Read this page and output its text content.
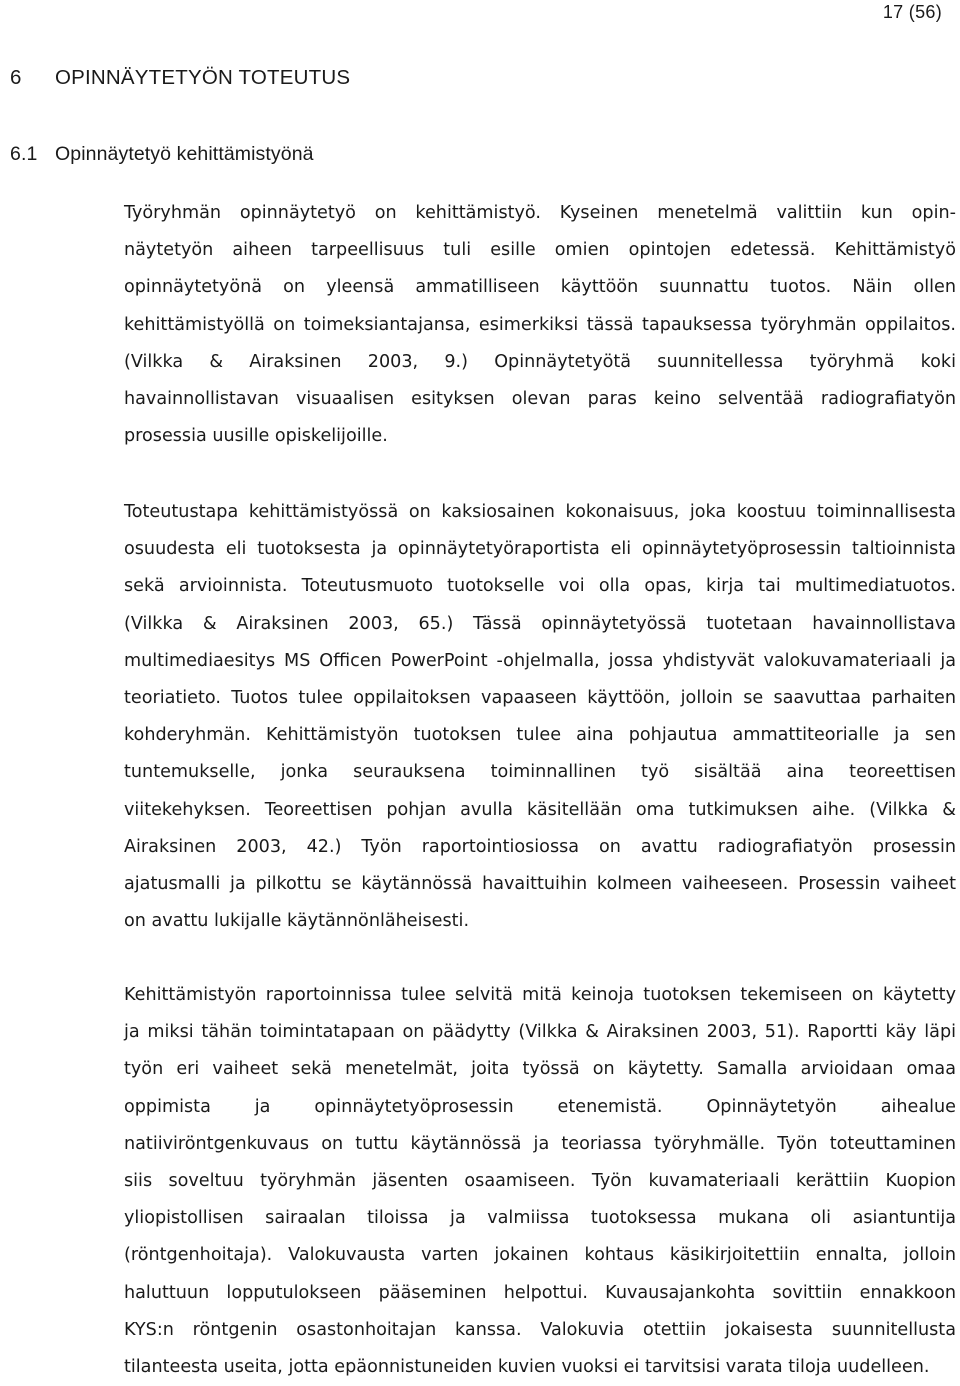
17 (56)
6 OPINNÄYTETYÖN TOTEUTUS
6.1 Opinnäytetyö kehittämistyönä
Työryhmän opinnäytetyö on kehittämistyö. Kyseinen menetelmä valittiin kun opin-
näytetyön aiheen tarpeellisuus tuli esille omien opintojen edetessä. Kehittämistyö
opinnäytetyönä on yleensä ammatilliseen käyttöön suunnattu tuotos. Näin ollen
kehittämistyöllä on toimeksiantajansa, esimerkiksi tässä tapauksessa työryhmän oppilaitos.
(Vilkka & Airaksinen 2003, 9.) Opinnäytetyötä suunnitellessa työryhmä koki
havainnollistavan visuaalisen esityksen olevan paras keino selventää radiografiatyön
prosessia uusille opiskelijoille.
Toteutustapa kehittämistyössä on kaksiosainen kokonaisuus, joka koostuu toiminnallisesta
osuudesta eli tuotoksesta ja opinnäytetyöraportista eli opinnäytetyöprosessin taltioinnista
sekä arvioinnista. Toteutusmuoto tuotokselle voi olla opas, kirja tai multimediatuotos.
(Vilkka & Airaksinen 2003, 65.) Tässä opinnäytetyössä tuotetaan havainnollistava
multimediaesitys MS Officen PowerPoint -ohjelmalla, jossa yhdistyvät valokuvamateriaali ja
teoriatieto. Tuotos tulee oppilaitoksen vapaaseen käyttöön, jolloin se saavuttaa parhaiten
kohderyhmän. Kehittämistyön tuotoksen tulee aina pohjautua ammattiteorialle ja sen
tuntemukselle, jonka seurauksena toiminnallinen työ sisältää aina teoreettisen
viitekehyksen. Teoreettisen pohjan avulla käsitellään oma tutkimuksen aihe. (Vilkka &
Airaksinen 2003, 42.) Työn raportointiosiossa on avattu radiografiatyön prosessin
ajatusmalli ja pilkottu se käytännössä havaittuihin kolmeen vaiheeseen. Prosessin vaiheet
on avattu lukijalle käytännönläheisesti.
Kehittämistyön raportoinnissa tulee selvitä mitä keinoja tuotoksen tekemiseen on käytetty
ja miksi tähän toimintatapaan on päädytty (Vilkka & Airaksinen 2003, 51). Raportti käy läpi
työn eri vaiheet sekä menetelmät, joita työssä on käytetty. Samalla arvioidaan omaa
oppimista ja opinnäytetyöprosessin etenemistä. Opinnäytetyön aihealue
natiiviröntgenkuvaus on tuttu käytännössä ja teoriassa työryhmälle. Työn toteuttaminen
siis soveltuu työryhmän jäsenten osaamiseen. Työn kuvamateriaali kerättiin Kuopion
yliopistollisen sairaalan tiloissa ja valmiissa tuotoksessa mukana oli asiantuntija
(röntgenhoitaja). Valokuvausta varten jokainen kohtaus käsikirjoitettiin ennalta, jolloin
haluttuun lopputulokseen pääseminen helpottui. Kuvausajankohta sovittiin ennakkoon
KYS:n röntgenin osastonhoitajan kanssa. Valokuvia otettiin jokaisesta suunnitellusta
tilanteesta useita, jotta epäonnistuneiden kuvien vuoksi ei tarvitsisi varata tiloja uudelleen.
